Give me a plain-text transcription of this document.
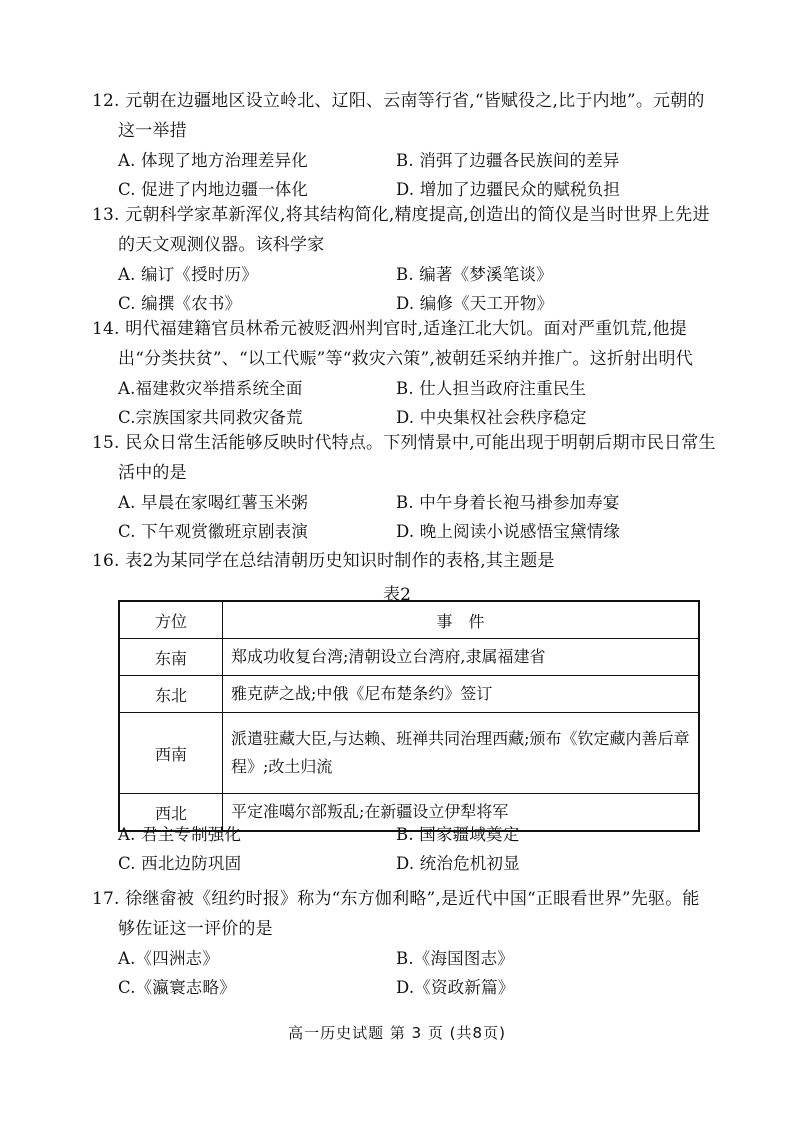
12. 元朝在边疆地区设立岭北、辽阳、云南等行省,“皆赋役之,比于内地”。元朝的这一举措
A. 体现了地方治理差异化	B. 消弭了边疆各民族间的差异
C. 促进了内地边疆一体化	D. 增加了边疆民众的赋税负担
13. 元朝科学家革新浑仪,将其结构简化,精度提高,创造出的简仪是当时世界上先进的天文观测仪器。该科学家
A. 编订《授时历》	B. 编著《梦溪笔谈》
C. 编撰《农书》	D. 编修《天工开物》
14. 明代福建籍官员林希元被贬泗州判官时,适逢江北大饥。面对严重饥荒,他提出“分类扶贫”、“以工代赈”等“救灾六策”,被朝廷采纳并推广。这折射出明代
A.福建救灾举措系统全面	B. 仕人担当政府注重民生
C.宗族国家共同救灾备荒	D. 中央集权社会秩序稳定
15. 民众日常生活能够反映时代特点。下列情景中,可能出现于明朝后期市民日常生活中的是
A. 早晨在家喝红薯玉米粥	B. 中午身着长袍马褂参加寿宴
C. 下午观赏徽班京剧表演	D. 晚上阅读小说感悟宝黛情缘
16. 表2为某同学在总结清朝历史知识时制作的表格,其主题是
表2
方位	事　件
东南	郑成功收复台湾;清朝设立台湾府,隶属福建省
东北	雅克萨之战;中俄《尼布楚条约》签订
西南	派遣驻藏大臣,与达赖、班禅共同治理西藏;颁布《钦定藏内善后章程》;改土归流
西北	平定准噶尔部叛乱;在新疆设立伊犁将军
A. 君主专制强化	B. 国家疆域奠定
C. 西北边防巩固	D. 统治危机初显
17. 徐继畲被《纽约时报》称为“东方伽利略”,是近代中国“正眼看世界”先驱。能够佐证这一评价的是
A.《四洲志》	B.《海国图志》
C.《瀛寰志略》	D.《资政新篇》
高一历史试题 第 3 页 (共8页)
